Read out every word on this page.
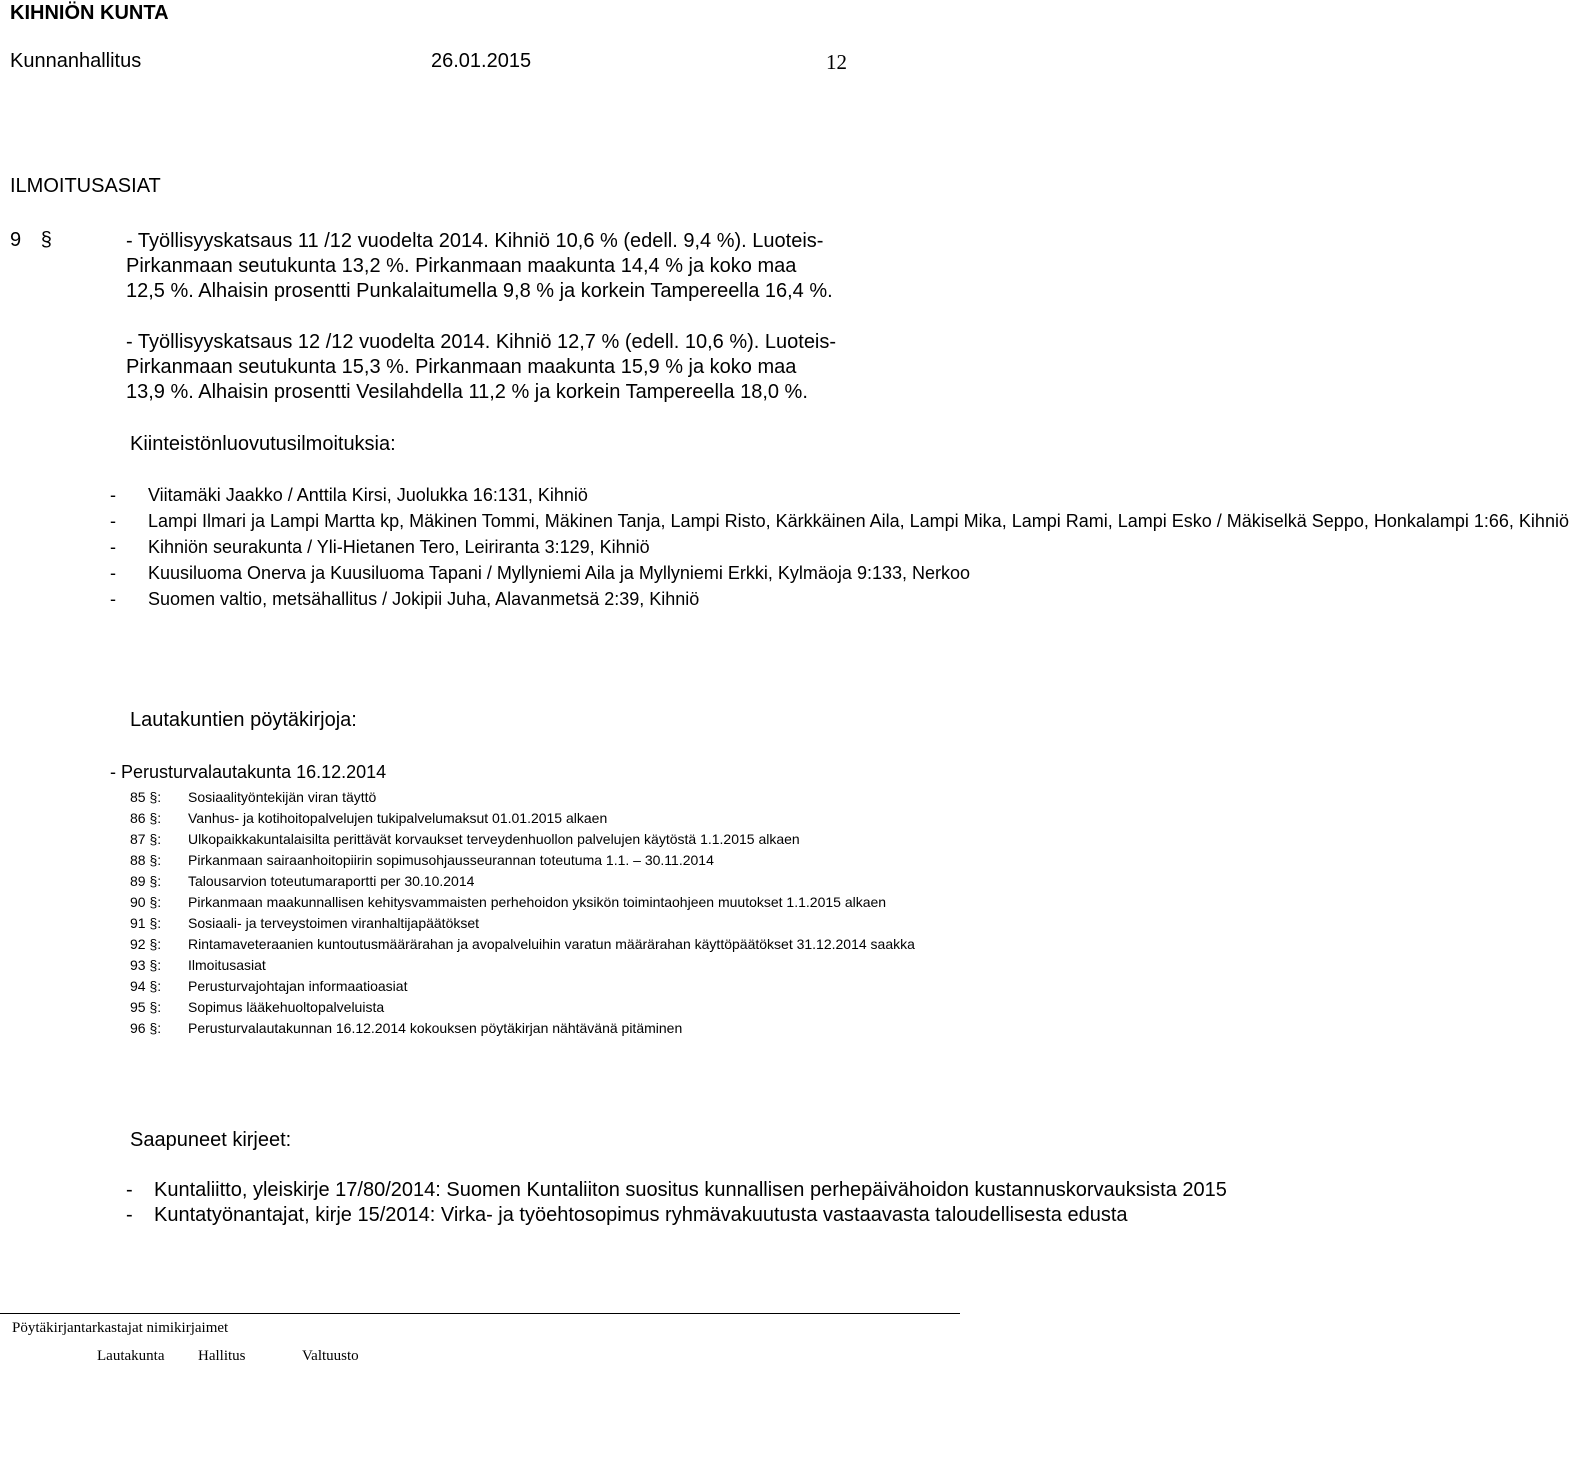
KIHNIÖN KUNTA
Kunnanhallitus	26.01.2015	12
ILMOITUSASIAT
9 §	- Työllisyyskatsaus 11 /12 vuodelta 2014. Kihniö 10,6 % (edell. 9,4 %). Luoteis-
Pirkanmaan seutukunta 13,2 %. Pirkanmaan maakunta 14,4 % ja koko maa
12,5 %. Alhaisin prosentti Punkalaitumella 9,8 % ja korkein Tampereella 16,4 %.
- Työllisyyskatsaus 12 /12 vuodelta 2014. Kihniö 12,7 % (edell. 10,6 %). Luoteis-
Pirkanmaan seutukunta 15,3 %. Pirkanmaan maakunta 15,9 % ja koko maa
13,9 %. Alhaisin prosentti Vesilahdella 11,2 % ja korkein Tampereella 18,0 %.
Kiinteistönluovutusilmoituksia:
- Viitamäki Jaakko / Anttila Kirsi, Juolukka 16:131, Kihniö
- Lampi Ilmari ja Lampi Martta kp, Mäkinen Tommi, Mäkinen Tanja, Lampi Risto, Kärkkäinen Aila, Lampi Mika, Lampi Rami, Lampi Esko / Mäkiselkä Seppo, Honkalampi 1:66, Kihniö
- Kihniön seurakunta / Yli-Hietanen Tero, Leiriranta 3:129, Kihniö
- Kuusiluoma Onerva ja Kuusiluoma Tapani / Myllyniemi Aila ja Myllyniemi Erkki, Kylmäoja 9:133, Nerkoo
- Suomen valtio, metsähallitus / Jokipii Juha, Alavanmetsä 2:39, Kihniö
Lautakuntien pöytäkirjoja:
- Perusturvalautakunta 16.12.2014
85 §: Sosiaalityöntekijän viran täyttö
86 §: Vanhus- ja kotihoitopalvelujen tukipalvelumaksut 01.01.2015 alkaen
87 §: Ulkopaikkakuntalaisilta perittävät korvaukset terveydenhuollon palvelujen käytöstä 1.1.2015 alkaen
88 §: Pirkanmaan sairaanhoitopiirin sopimusohjausseurannan toteutuma 1.1. – 30.11.2014
89 §: Talousarvion toteutumaraportti per 30.10.2014
90 §: Pirkanmaan maakunnallisen kehitysvammaisten perhehoidon yksikön toimintaohjeen muutokset 1.1.2015 alkaen
91 §: Sosiaali- ja terveystoimen viranhaltijapäätökset
92 §: Rintamaveteraanien kuntoutusmäärärahan ja avopalveluihin varatun määrärahan käyttöpäätökset 31.12.2014 saakka
93 §: Ilmoitusasiat
94 §: Perusturvajohtajan informaatioasiat
95 §: Sopimus lääkehuoltopalveluista
96 §: Perusturvalautakunnan 16.12.2014 kokouksen pöytäkirjan nähtävänä pitäminen
Saapuneet kirjeet:
- Kuntaliitto, yleiskirje 17/80/2014: Suomen Kuntaliiton suositus kunnallisen perhepäivähoidon kustannuskorvauksista 2015
- Kuntatyönantajat, kirje 15/2014: Virka- ja työehtosopimus ryhmävakuutusta vastaavasta taloudellisesta edusta
Pöytäkirjantarkastajat nimikirjaimet
Lautakunta Hallitus	Valtuusto
